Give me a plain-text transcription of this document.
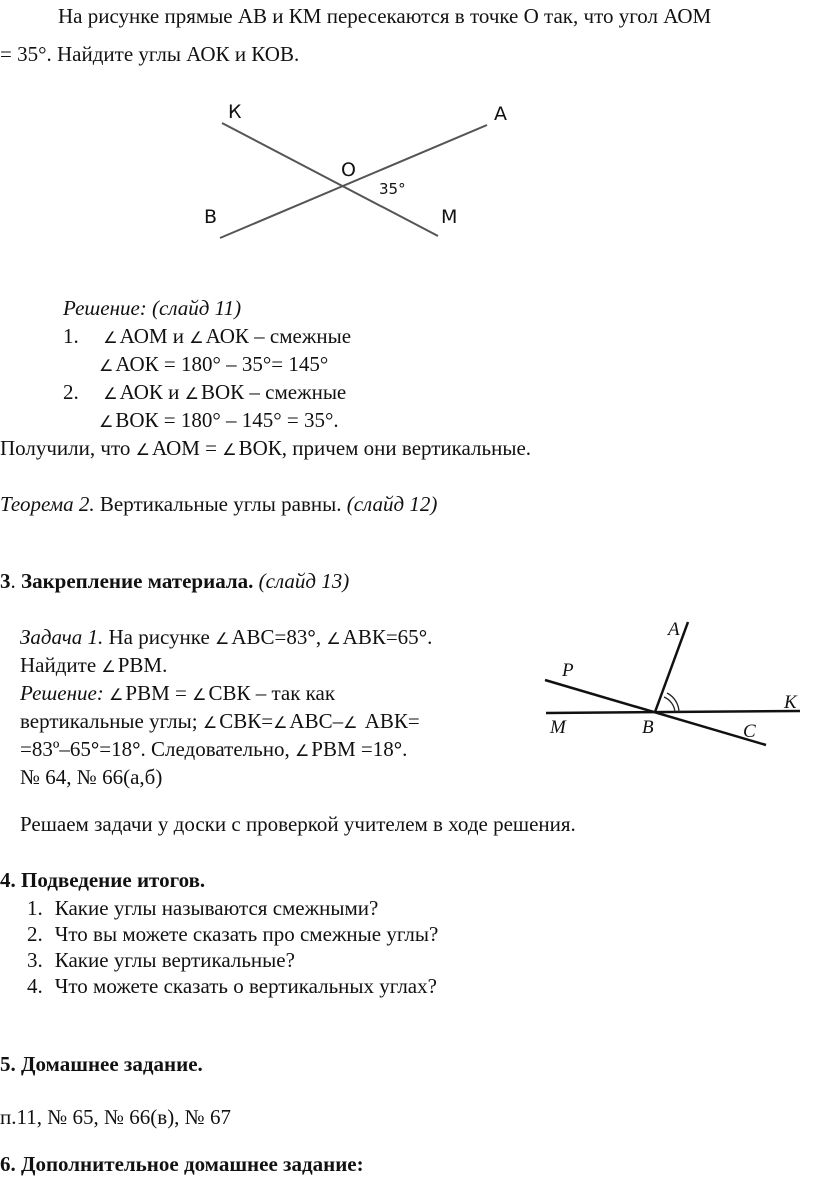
На рисунке прямые АВ и КМ пересекаются в точке О так, что угол АОМ
= 35°. Найдите углы АОК и КОВ.
К	А
О
В	М
35°
Решение: (слайд 11)
1. ∠АОМ и ∠АОК – смежные
∠АОК = 180° – 35°= 145°
2. ∠АОК и ∠ВОК – смежные
∠ВОК = 180° – 145° = 35°.
Получили, что ∠АОМ = ∠ВОК, причем они вертикальные.
Теорема 2. Вертикальные углы равны. (слайд 12)
3. Закрепление материала. (слайд 13)
Задача 1. На рисунке ∠АВС=83°, ∠АВК=65°.
Найдите ∠РВМ.
Решение: ∠РВМ = ∠СВК – так как
вертикальные углы; ∠СВК=∠АВС–∠ АВК=
=83º–65°=18°. Следовательно, ∠РВМ =18°.
№ 64, № 66(а,б)
A
P
K
M	B	C
Решаем задачи у доски с проверкой учителем в ходе решения.
4. Подведение итогов.
1. Какие углы называются смежными?
2. Что вы можете сказать про смежные углы?
3. Какие углы вертикальные?
4. Что можете сказать о вертикальных углах?
5. Домашнее задание.
п.11, № 65, № 66(в), № 67
6. Дополнительное домашнее задание:
